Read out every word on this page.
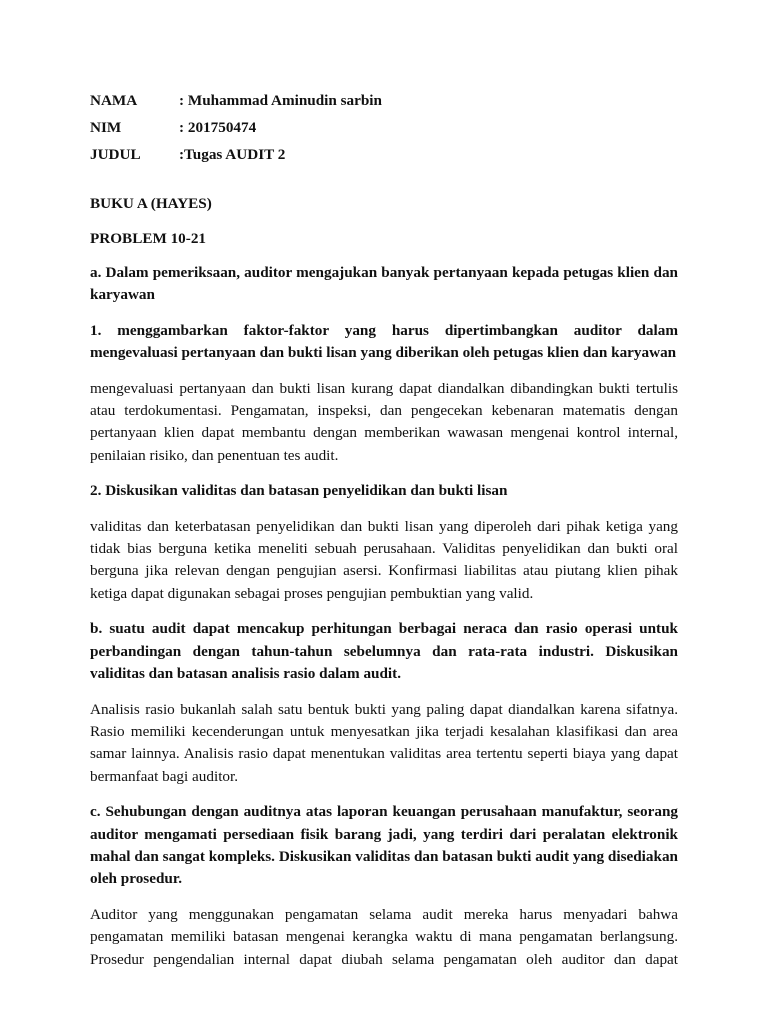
NAMA	: Muhammad Aminudin sarbin
NIM	: 201750474
JUDUL	:Tugas AUDIT 2
BUKU A (HAYES)
PROBLEM 10-21

a. Dalam pemeriksaan, auditor mengajukan banyak pertanyaan kepada petugas klien dan karyawan

1. menggambarkan faktor-faktor yang harus dipertimbangkan auditor dalam mengevaluasi pertanyaan dan bukti lisan yang diberikan oleh petugas klien dan karyawan

mengevaluasi pertanyaan dan bukti lisan kurang dapat diandalkan dibandingkan bukti tertulis atau terdokumentasi. Pengamatan, inspeksi, dan pengecekan kebenaran matematis dengan pertanyaan klien dapat membantu dengan memberikan wawasan mengenai kontrol internal, penilaian risiko, dan penentuan tes audit.

2. Diskusikan validitas dan batasan penyelidikan dan bukti lisan

validitas dan keterbatasan penyelidikan dan bukti lisan yang diperoleh dari pihak ketiga yang tidak bias berguna ketika meneliti sebuah perusahaan. Validitas penyelidikan dan bukti oral berguna jika relevan dengan pengujian asersi. Konfirmasi liabilitas atau piutang klien pihak ketiga dapat digunakan sebagai proses pengujian pembuktian yang valid.

b. suatu audit dapat mencakup perhitungan berbagai neraca dan rasio operasi untuk perbandingan dengan tahun-tahun sebelumnya dan rata-rata industri. Diskusikan validitas dan batasan analisis rasio dalam audit.

Analisis rasio bukanlah salah satu bentuk bukti yang paling dapat diandalkan karena sifatnya. Rasio memiliki kecenderungan untuk menyesatkan jika terjadi kesalahan klasifikasi dan area samar lainnya. Analisis rasio dapat menentukan validitas area tertentu seperti biaya yang dapat bermanfaat bagi auditor.

c. Sehubungan dengan auditnya atas laporan keuangan perusahaan manufaktur, seorang auditor mengamati persediaan fisik barang jadi, yang terdiri dari peralatan elektronik mahal dan sangat kompleks. Diskusikan validitas dan batasan bukti audit yang disediakan oleh prosedur.

Auditor yang menggunakan pengamatan selama audit mereka harus menyadari bahwa pengamatan memiliki batasan mengenai kerangka waktu di mana pengamatan berlangsung. Prosedur pengendalian internal dapat diubah selama pengamatan oleh auditor dan dapat
